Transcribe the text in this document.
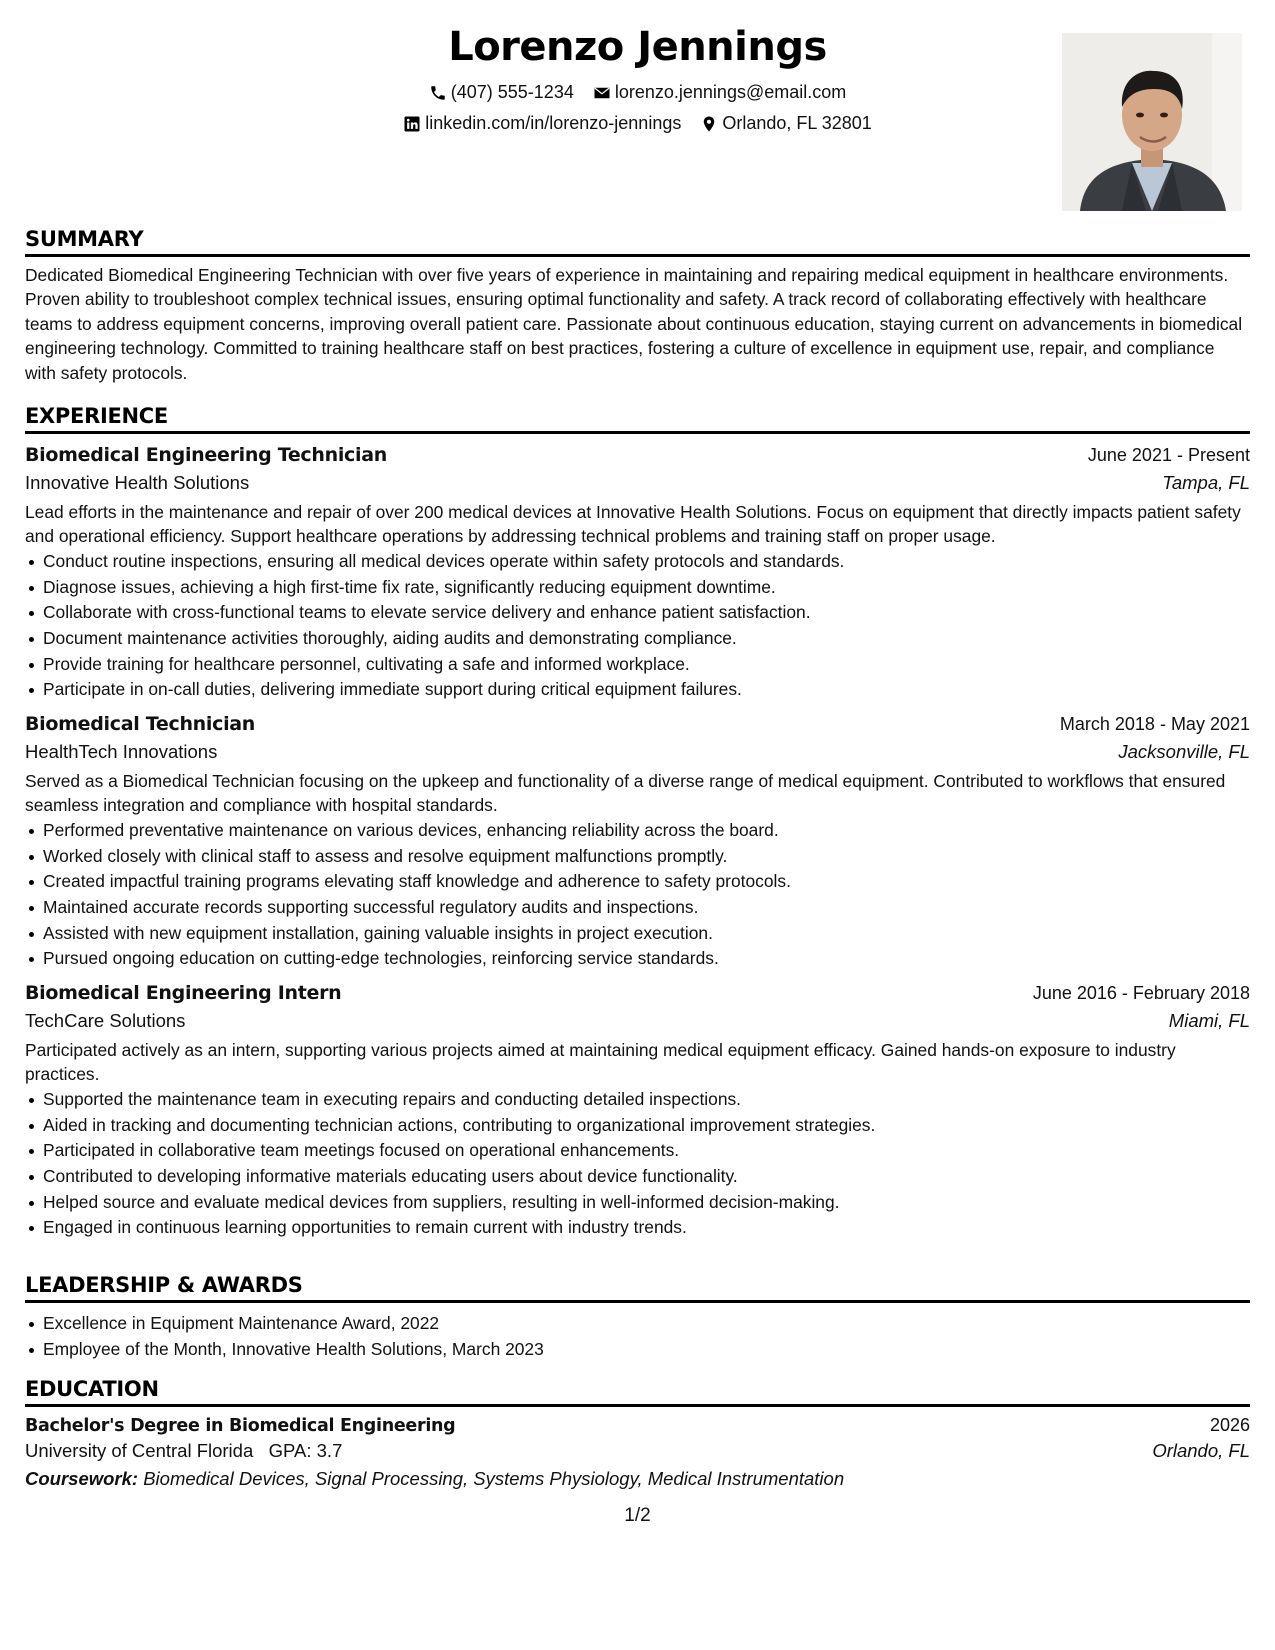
Lorenzo Jennings
(407) 555-1234
lorenzo.jennings@email.com
linkedin.com/in/lorenzo-jennings
Orlando, FL 32801
SUMMARY

Dedicated Biomedical Engineering Technician with over five years of experience in maintaining and repairing medical equipment in healthcare environments. Proven ability to troubleshoot complex technical issues, ensuring optimal functionality and safety. A track record of collaborating effectively with healthcare teams to address equipment concerns, improving overall patient care. Passionate about continuous education, staying current on advancements in biomedical engineering technology. Committed to training healthcare staff on best practices, fostering a culture of excellence in equipment use, repair, and compliance with safety protocols.

EXPERIENCE
Biomedical Engineering Technician	June 2021 - Present
Innovative Health Solutions	Tampa, FL

Lead efforts in the maintenance and repair of over 200 medical devices at Innovative Health Solutions. Focus on equipment that directly impacts patient safety and operational efficiency. Support healthcare operations by addressing technical problems and training staff on proper usage.

Conduct routine inspections, ensuring all medical devices operate within safety protocols and standards.
Diagnose issues, achieving a high first-time fix rate, significantly reducing equipment downtime.
Collaborate with cross-functional teams to elevate service delivery and enhance patient satisfaction.
Document maintenance activities thoroughly, aiding audits and demonstrating compliance.
Provide training for healthcare personnel, cultivating a safe and informed workplace.
Participate in on-call duties, delivering immediate support during critical equipment failures.
Biomedical Technician	March 2018 - May 2021
HealthTech Innovations	Jacksonville, FL

Served as a Biomedical Technician focusing on the upkeep and functionality of a diverse range of medical equipment. Contributed to workflows that ensured seamless integration and compliance with hospital standards.

Performed preventative maintenance on various devices, enhancing reliability across the board.
Worked closely with clinical staff to assess and resolve equipment malfunctions promptly.
Created impactful training programs elevating staff knowledge and adherence to safety protocols.
Maintained accurate records supporting successful regulatory audits and inspections.
Assisted with new equipment installation, gaining valuable insights in project execution.
Pursued ongoing education on cutting-edge technologies, reinforcing service standards.
Biomedical Engineering Intern	June 2016 - February 2018
TechCare Solutions	Miami, FL

Participated actively as an intern, supporting various projects aimed at maintaining medical equipment efficacy. Gained hands-on exposure to industry practices.

Supported the maintenance team in executing repairs and conducting detailed inspections.
Aided in tracking and documenting technician actions, contributing to organizational improvement strategies.
Participated in collaborative team meetings focused on operational enhancements.
Contributed to developing informative materials educating users about device functionality.
Helped source and evaluate medical devices from suppliers, resulting in well-informed decision-making.
Engaged in continuous learning opportunities to remain current with industry trends.
LEADERSHIP & AWARDS
Excellence in Equipment Maintenance Award, 2022
Employee of the Month, Innovative Health Solutions, March 2023
EDUCATION
Bachelor's Degree in Biomedical Engineering	2026
University of Central Florida GPA: 3.7	Orlando, FL
Coursework: Biomedical Devices, Signal Processing, Systems Physiology, Medical Instrumentation
1/2
